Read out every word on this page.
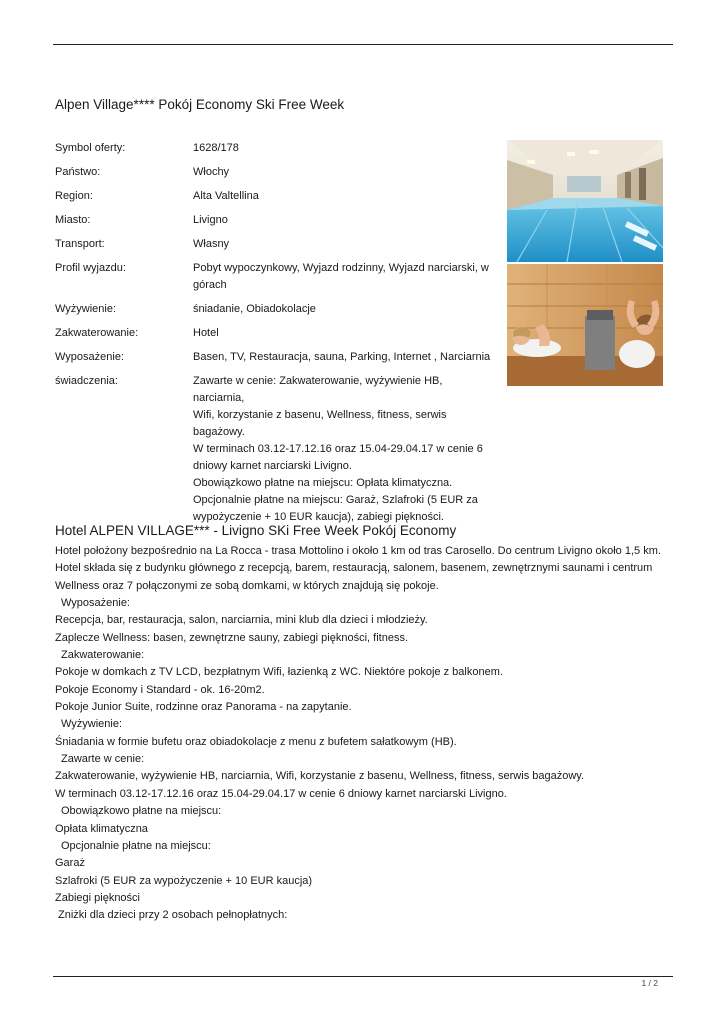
Alpen Village**** Pokój Economy Ski Free Week
Symbol oferty:	1628/178
Państwo:	Włochy
Region:	Alta Valtellina
Miasto:	Livigno
Transport:	Własny
Profil wyjazdu:	Pobyt wypoczynkowy, Wyjazd rodzinny, Wyjazd narciarski, w
górach
Wyżywienie:	śniadanie, Obiadokolacje
Zakwaterowanie:	Hotel
Wyposażenie:	Basen, TV, Restauracja, sauna, Parking, Internet , Narciarnia
świadczenia:	Zawarte w cenie: Zakwaterowanie, wyżywienie HB, narciarnia,
Wifi, korzystanie z basenu, Wellness, fitness, serwis
bagażowy.
W terminach 03.12-17.12.16 oraz 15.04-29.04.17 w cenie 6
dniowy karnet narciarski Livigno.
Obowiązkowo płatne na miejscu: Opłata klimatyczna.
Opcjonalnie płatne na miejscu: Garaż, Szlafroki (5 EUR za
wypożyczenie + 10 EUR kaucja), zabiegi piękności.
Hotel ALPEN VILLAGE*** - Livigno SKi Free Week Pokój Economy
Hotel położony bezpośrednio na La Rocca - trasa Mottolino i około 1 km od tras Carosello. Do centrum Livigno około 1,5 km.
Hotel składa się z budynku głównego z recepcją, barem, restauracją, salonem, basenem, zewnętrznymi saunami i centrum
Wellness oraz 7 połączonymi ze sobą domkami, w których znajdują się pokoje.
Wyposażenie:
Recepcja, bar, restauracja, salon, narciarnia, mini klub dla dzieci i młodzieży.
Zaplecze Wellness: basen, zewnętrzne sauny, zabiegi piękności, fitness.
Zakwaterowanie:
Pokoje w domkach z TV LCD, bezpłatnym Wifi, łazienką z WC. Niektóre pokoje z balkonem.
Pokoje Economy i Standard - ok. 16-20m2.
Pokoje Junior Suite, rodzinne oraz Panorama - na zapytanie.
Wyżywienie:
Śniadania w formie bufetu oraz obiadokolacje z menu z bufetem sałatkowym (HB).
Zawarte w cenie:
Zakwaterowanie, wyżywienie HB, narciarnia, Wifi, korzystanie z basenu, Wellness, fitness, serwis bagażowy.
W terminach 03.12-17.12.16 oraz 15.04-29.04.17 w cenie 6 dniowy karnet narciarski Livigno.
Obowiązkowo płatne na miejscu:
Opłata klimatyczna
Opcjonalnie płatne na miejscu:
Garaż
Szlafroki (5 EUR za wypożyczenie + 10 EUR kaucja)
Zabiegi piękności
Zniżki dla dzieci przy 2 osobach pełnopłatnych:
1 / 2
